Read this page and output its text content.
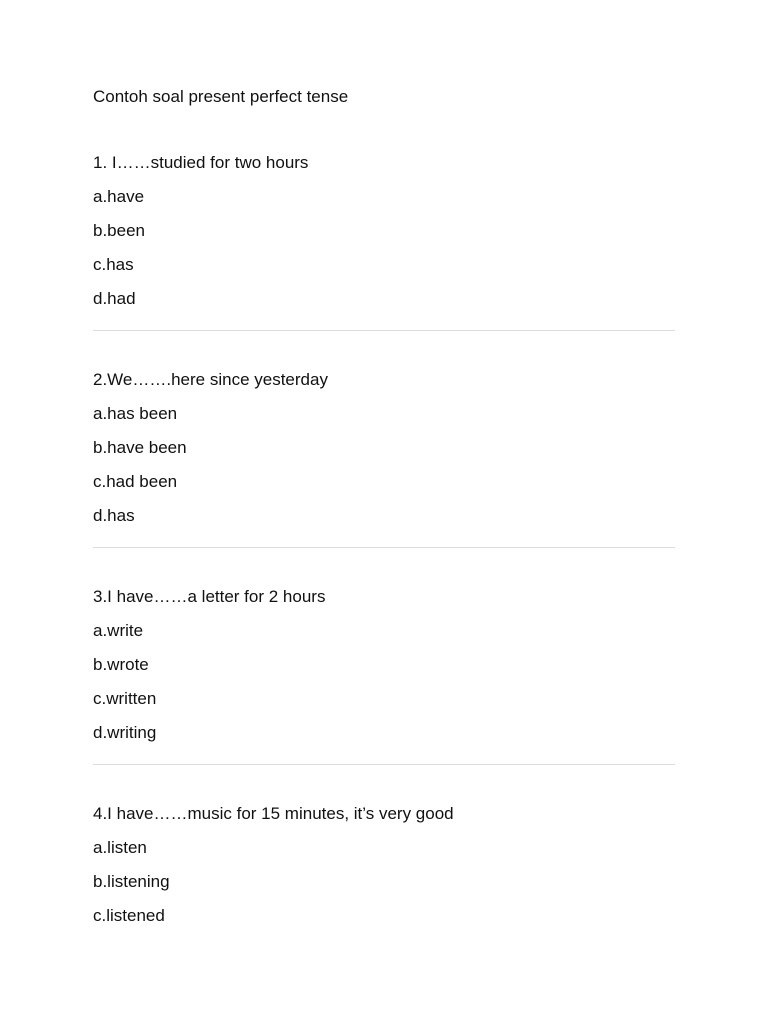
Contoh soal present perfect tense

1. I……studied for two hours

a.have

b.been

c.has

d.had

2.We…….here since yesterday

a.has been

b.have been

c.had been

d.has

3.I have……a letter for 2 hours

a.write

b.wrote

c.written

d.writing

4.I have……music for 15 minutes, it’s very good

a.listen

b.listening

c.listened
